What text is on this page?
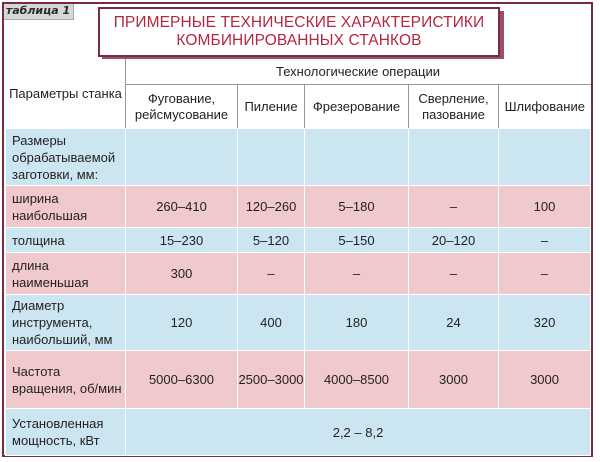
таблица 1
ПРИМЕРНЫЕ ТЕХНИЧЕСКИЕ ХАРАКТЕРИСТИКИ
КОМБИНИРОВАННЫХ СТАНКОВ
Параметры станка	Технологические операции				
	Фугование, рейсмусование	Пиление	Фрезерование	Сверление, пазование	Шлифование
Размеры обрабатываемой заготовки, мм:					
ширина наибольшая	260–410	120–260	5–180	–	100
толщина	15–230	5–120	5–150	20–120	–
длина наименьшая	300	–	–	–	–
Диаметр инструмента, наибольший, мм	120	400	180	24	320
Частота вращения, об/мин	5000–6300	2500–3000	4000–8500	3000	3000
Установленная мощность, кВт	2,2 – 8,2				
